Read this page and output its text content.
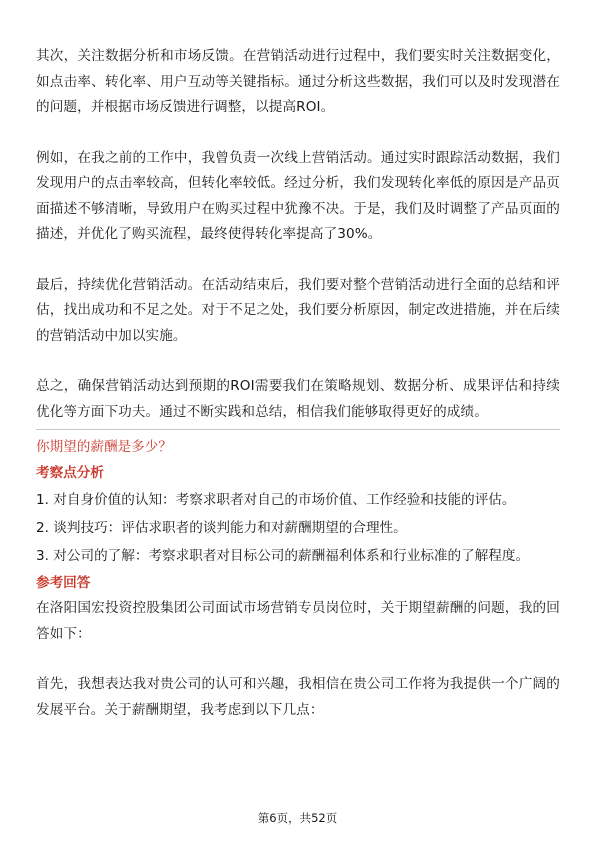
其次，关注数据分析和市场反馈。在营销活动进行过程中，我们要实时关注数据变化，如点击率、转化率、用户互动等关键指标。通过分析这些数据，我们可以及时发现潜在的问题，并根据市场反馈进行调整，以提高ROI。

例如，在我之前的工作中，我曾负责一次线上营销活动。通过实时跟踪活动数据，我们发现用户的点击率较高，但转化率较低。经过分析，我们发现转化率低的原因是产品页面描述不够清晰，导致用户在购买过程中犹豫不决。于是，我们及时调整了产品页面的描述，并优化了购买流程，最终使得转化率提高了30%。

最后，持续优化营销活动。在活动结束后，我们要对整个营销活动进行全面的总结和评估，找出成功和不足之处。对于不足之处，我们要分析原因，制定改进措施，并在后续的营销活动中加以实施。

总之，确保营销活动达到预期的ROI需要我们在策略规划、数据分析、成果评估和持续优化等方面下功夫。通过不断实践和总结，相信我们能够取得更好的成绩。

你期望的薪酬是多少？

考察点分析

1. 对自身价值的认知：考察求职者对自己的市场价值、工作经验和技能的评估。

2. 谈判技巧：评估求职者的谈判能力和对薪酬期望的合理性。

3. 对公司的了解：考察求职者对目标公司的薪酬福利体系和行业标准的了解程度。

参考回答

在洛阳国宏投资控股集团公司面试市场营销专员岗位时，关于期望薪酬的问题，我的回答如下：

首先，我想表达我对贵公司的认可和兴趣，我相信在贵公司工作将为我提供一个广阔的发展平台。关于薪酬期望，我考虑到以下几点：

第6页，共52页
